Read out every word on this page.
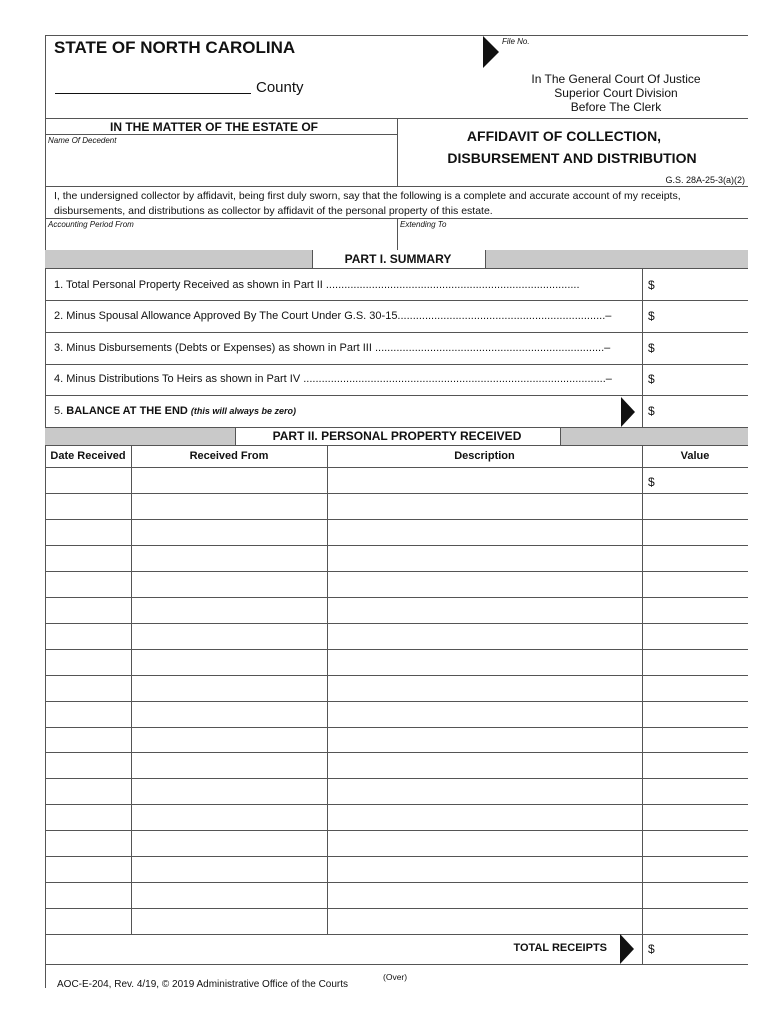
STATE OF NORTH CAROLINA
County
File No.
In The General Court Of Justice
Superior Court Division
Before The Clerk
IN THE MATTER OF THE ESTATE OF
Name Of Decedent	AFFIDAVIT OF COLLECTION,
DISBURSEMENT AND DISTRIBUTION
G.S. 28A-25-3(a)(2)
I, the undersigned collector by affidavit, being first duly sworn, say that the following is a complete and accurate account of my receipts,
disbursements, and distributions as collector by affidavit of the personal property of this estate.
Accounting Period From	Extending To
PART I. SUMMARY
1. Total Personal Property Received as shown in Part II ...................................................................................	$
2. Minus Spousal Allowance Approved By The Court Under G.S. 30-15....................................................................–	$
3. Minus Disbursements (Debts or Expenses) as shown in Part III ...........................................................................–	$
4. Minus Distributions To Heirs as shown in Part IV ...................................................................................................–	$
5. BALANCE AT THE END (this will always be zero)	$
PART II. PERSONAL PROPERTY RECEIVED
Date Received	Received From	Description	Value
$
TOTAL RECEIPTS	$
AOC-E-204, Rev. 4/19, © 2019 Administrative Office of the Courts
(Over)
